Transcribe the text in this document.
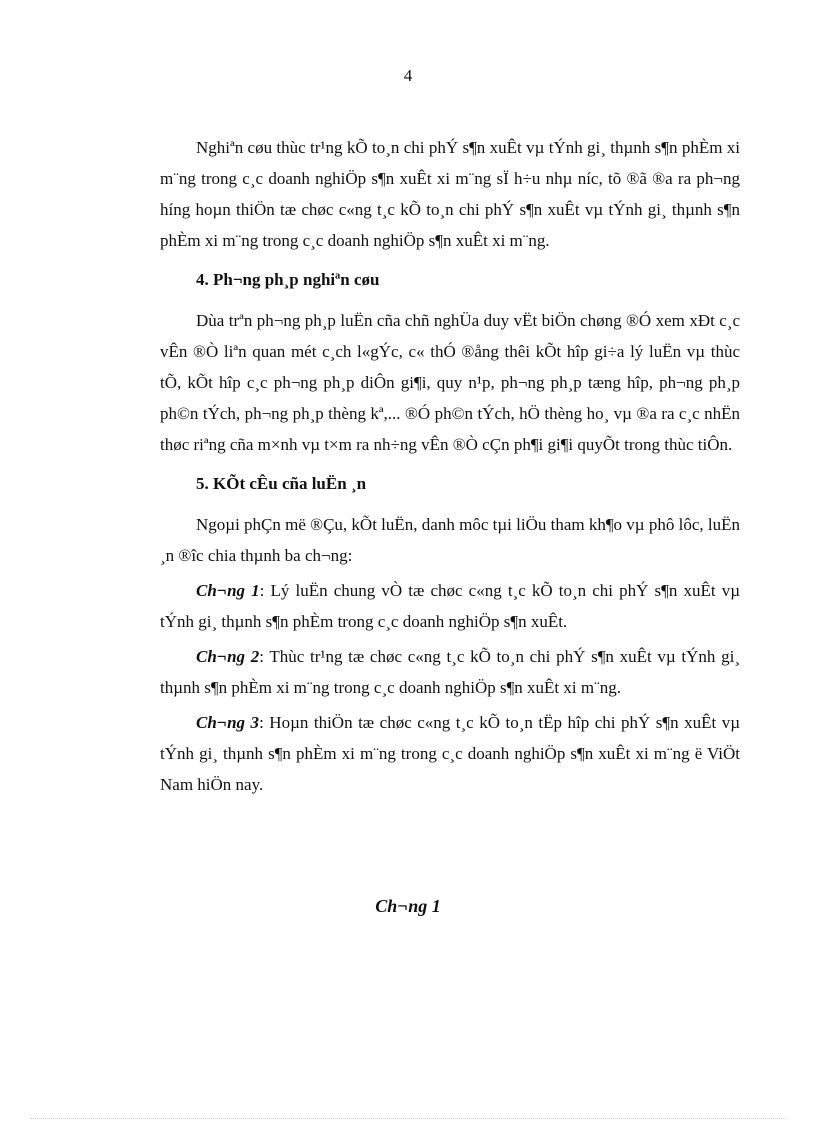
4

Nghiªn cøu thùc tr¹ng kÕ to¸n chi phÝ s¶n xuÊt vµ tÝnh gi¸ thµnh s¶n phÈm xi m¨ng trong c¸c doanh nghiÖp s¶n xuÊt xi m¨ng sÏ h÷u nhµ níc, tõ ®ã ®a ra ph¬ng híng hoµn thiÖn tæ chøc c«ng t¸c kÕ to¸n chi phÝ s¶n xuÊt vµ tÝnh gi¸ thµnh s¶n phÈm xi m¨ng trong c¸c doanh nghiÖp s¶n xuÊt xi m¨ng.

4. Ph¬ng ph¸p nghiªn cøu

Dùa trªn ph¬ng ph¸p luËn cña chñ nghÜa duy vËt biÖn chøng ®Ó xem xÐt c¸c vÊn ®Ò liªn quan mét c¸ch l«gÝc, c« thÓ ®ång thêi kÕt hîp gi÷a lý luËn vµ thùc tÕ, kÕt hîp c¸c ph¬ng ph¸p diÔn gi¶i, quy n¹p, ph¬ng ph¸p tæng hîp, ph¬ng ph¸p ph©n tÝch, ph¬ng ph¸p thèng kª,... ®Ó ph©n tÝch, hÖ thèng ho¸ vµ ®a ra c¸c nhËn thøc riªng cña m×nh vµ t×m ra nh÷ng vÊn ®Ò cÇn ph¶i gi¶i quyÕt trong thùc tiÔn.

5. KÕt cÊu cña luËn ¸n

Ngoµi phÇn më ®Çu, kÕt luËn, danh môc tµi liÖu tham kh¶o vµ phô lôc, luËn ¸n ®îc chia thµnh ba ch¬ng:

Ch¬ng 1: Lý luËn chung vÒ tæ chøc c«ng t¸c kÕ to¸n chi phÝ s¶n xuÊt vµ tÝnh gi¸ thµnh s¶n phÈm trong c¸c doanh nghiÖp s¶n xuÊt.

Ch¬ng 2: Thùc tr¹ng tæ chøc c«ng t¸c kÕ to¸n chi phÝ s¶n xuÊt vµ tÝnh gi¸ thµnh s¶n phÈm xi m¨ng trong c¸c doanh nghiÖp s¶n xuÊt xi m¨ng.

Ch¬ng 3: Hoµn thiÖn tæ chøc c«ng t¸c kÕ to¸n tËp hîp chi phÝ s¶n xuÊt vµ tÝnh gi¸ thµnh s¶n phÈm xi m¨ng trong c¸c doanh nghiÖp s¶n xuÊt xi m¨ng ë ViÖt Nam hiÖn nay.

Ch¬ng 1
